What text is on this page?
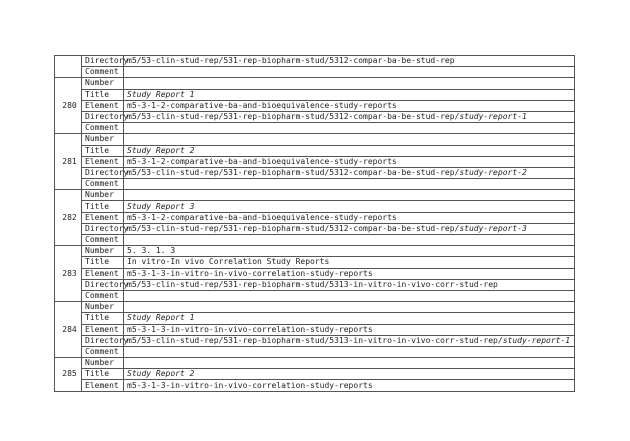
	Directory	m5/53-clin-stud-rep/531-rep-biopharm-stud/5312-compar-ba-be-stud-rep
	Comment	
280	Number	
	Title	Study Report 1
	Element	m5-3-1-2-comparative-ba-and-bioequivalence-study-reports
	Directory	m5/53-clin-stud-rep/531-rep-biopharm-stud/5312-compar-ba-be-stud-rep/study-report-1
	Comment	
281	Number	
	Title	Study Report 2
	Element	m5-3-1-2-comparative-ba-and-bioequivalence-study-reports
	Directory	m5/53-clin-stud-rep/531-rep-biopharm-stud/5312-compar-ba-be-stud-rep/study-report-2
	Comment	
282	Number	
	Title	Study Report 3
	Element	m5-3-1-2-comparative-ba-and-bioequivalence-study-reports
	Directory	m5/53-clin-stud-rep/531-rep-biopharm-stud/5312-compar-ba-be-stud-rep/study-report-3
	Comment	
283	Number	5. 3. 1. 3
	Title	In vitro-In vivo Correlation Study Reports
	Element	m5-3-1-3-in-vitro-in-vivo-correlation-study-reports
	Directory	m5/53-clin-stud-rep/531-rep-biopharm-stud/5313-in-vitro-in-vivo-corr-stud-rep
	Comment	
284	Number	
	Title	Study Report 1
	Element	m5-3-1-3-in-vitro-in-vivo-correlation-study-reports
	Directory	m5/53-clin-stud-rep/531-rep-biopharm-stud/5313-in-vitro-in-vivo-corr-stud-rep/study-report-1
	Comment	
285	Number	
	Title	Study Report 2
	Element	m5-3-1-3-in-vitro-in-vivo-correlation-study-reports
